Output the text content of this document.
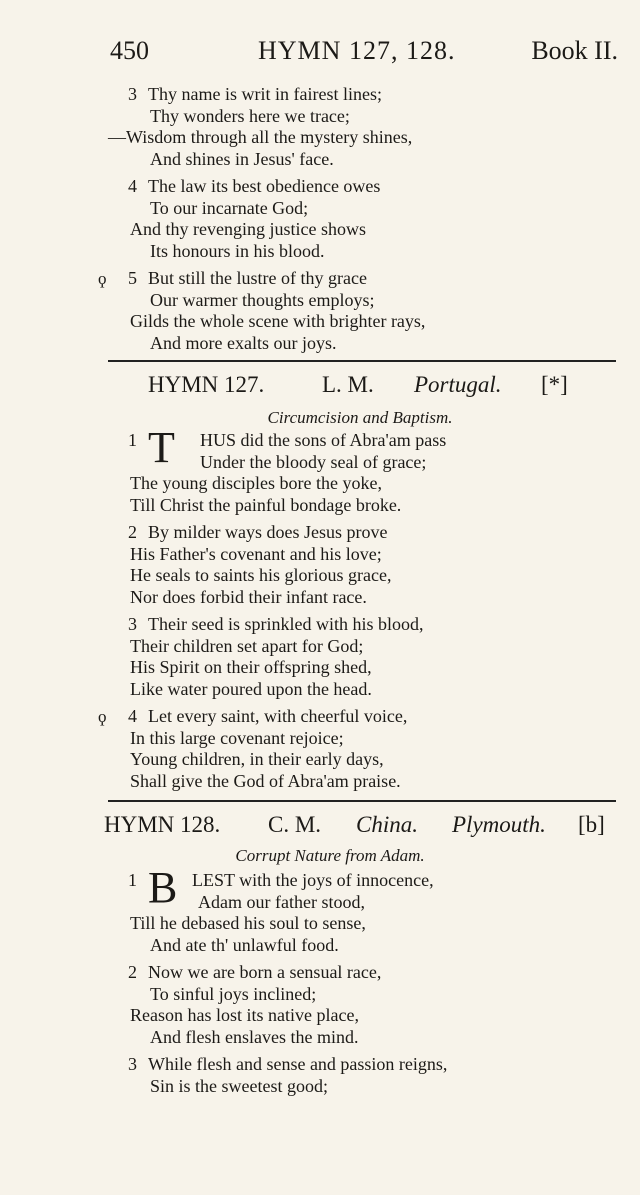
450	HYMN 127, 128.	Book II.
3 Thy name is writ in fairest lines;
Thy wonders here we trace;
—Wisdom through all the mystery shines,
And shines in Jesus' face.
4 The law its best obedience owes
To our incarnate God;
And thy revenging justice shows
Its honours in his blood.
ϙ 5 But still the lustre of thy grace
Our warmer thoughts employs;
Gilds the whole scene with brighter rays,
And more exalts our joys.
HYMN 127.	L. M. Portugal. [*]
Circumcision and Baptism.
1 T HUS did the sons of Abra'am pass
Under the bloody seal of grace;
The young disciples bore the yoke,
Till Christ the painful bondage broke.
2 By milder ways does Jesus prove
His Father's covenant and his love;
He seals to saints his glorious grace,
Nor does forbid their infant race.
3 Their seed is sprinkled with his blood,
Their children set apart for God;
His Spirit on their offspring shed,
Like water poured upon the head.
ϙ 4 Let every saint, with cheerful voice,
In this large covenant rejoice;
Young children, in their early days,
Shall give the God of Abra'am praise.
HYMN 128. C. M. China. Plymouth. [b]
Corrupt Nature from Adam.
1 B LEST with the joys of innocence,
Adam our father stood,
Till he debased his soul to sense,
And ate th' unlawful food.
2 Now we are born a sensual race,
To sinful joys inclined;
Reason has lost its native place,
And flesh enslaves the mind.
3 While flesh and sense and passion reigns,
Sin is the sweetest good;
